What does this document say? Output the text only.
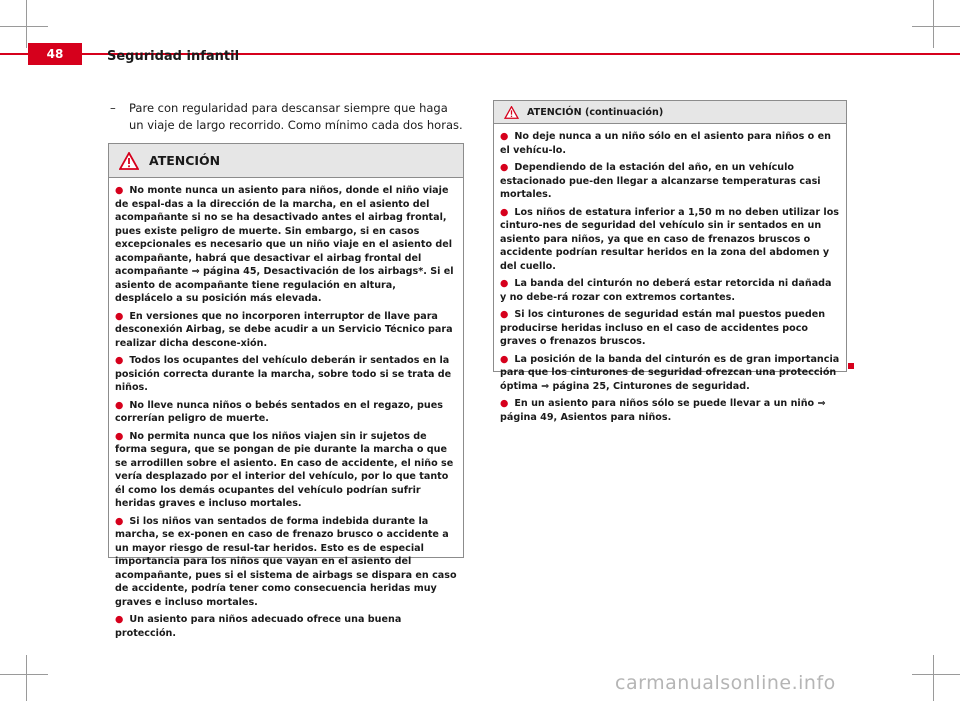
48	Seguridad infantil
– Pare con regularidad para descansar siempre que haga un viaje de largo recorrido. Como mínimo cada dos horas.
ATENCIÓN

● No monte nunca un asiento para niños, donde el niño viaje de espal-das a la dirección de la marcha, en el asiento del acompañante si no se ha desactivado antes el airbag frontal, pues existe peligro de muerte. Sin embargo, si en casos excepcionales es necesario que un niño viaje en el asiento del acompañante, habrá que desactivar el airbag frontal del acompañante ⇒ página 45, Desactivación de los airbags*. Si el asiento de acompañante tiene regulación en altura, desplácelo a su posición más elevada.

● En versiones que no incorporen interruptor de llave para desconexión Airbag, se debe acudir a un Servicio Técnico para realizar dicha descone-xión.

● Todos los ocupantes del vehículo deberán ir sentados en la posición correcta durante la marcha, sobre todo si se trata de niños.

● No lleve nunca niños o bebés sentados en el regazo, pues correrían peligro de muerte.

● No permita nunca que los niños viajen sin ir sujetos de forma segura, que se pongan de pie durante la marcha o que se arrodillen sobre el asiento. En caso de accidente, el niño se vería desplazado por el interior del vehículo, por lo que tanto él como los demás ocupantes del vehículo podrían sufrir heridas graves e incluso mortales.

● Si los niños van sentados de forma indebida durante la marcha, se ex-ponen en caso de frenazo brusco o accidente a un mayor riesgo de resul-tar heridos. Esto es de especial importancia para los niños que vayan en el asiento del acompañante, pues si el sistema de airbags se dispara en caso de accidente, podría tener como consecuencia heridas muy graves e incluso mortales.

● Un asiento para niños adecuado ofrece una buena protección.

ATENCIÓN (continuación)

● No deje nunca a un niño sólo en el asiento para niños o en el vehícu-lo.

● Dependiendo de la estación del año, en un vehículo estacionado pue-den llegar a alcanzarse temperaturas casi mortales.

● Los niños de estatura inferior a 1,50 m no deben utilizar los cinturo-nes de seguridad del vehículo sin ir sentados en un asiento para niños, ya que en caso de frenazos bruscos o accidente podrían resultar heridos en la zona del abdomen y del cuello.

● La banda del cinturón no deberá estar retorcida ni dañada y no debe-rá rozar con extremos cortantes.

● Si los cinturones de seguridad están mal puestos pueden producirse heridas incluso en el caso de accidentes poco graves o frenazos bruscos.

● La posición de la banda del cinturón es de gran importancia para que los cinturones de seguridad ofrezcan una protección óptima ⇒ página 25, Cinturones de seguridad.

● En un asiento para niños sólo se puede llevar a un niño ⇒ página 49, Asientos para niños.

carmanualsonline.info
